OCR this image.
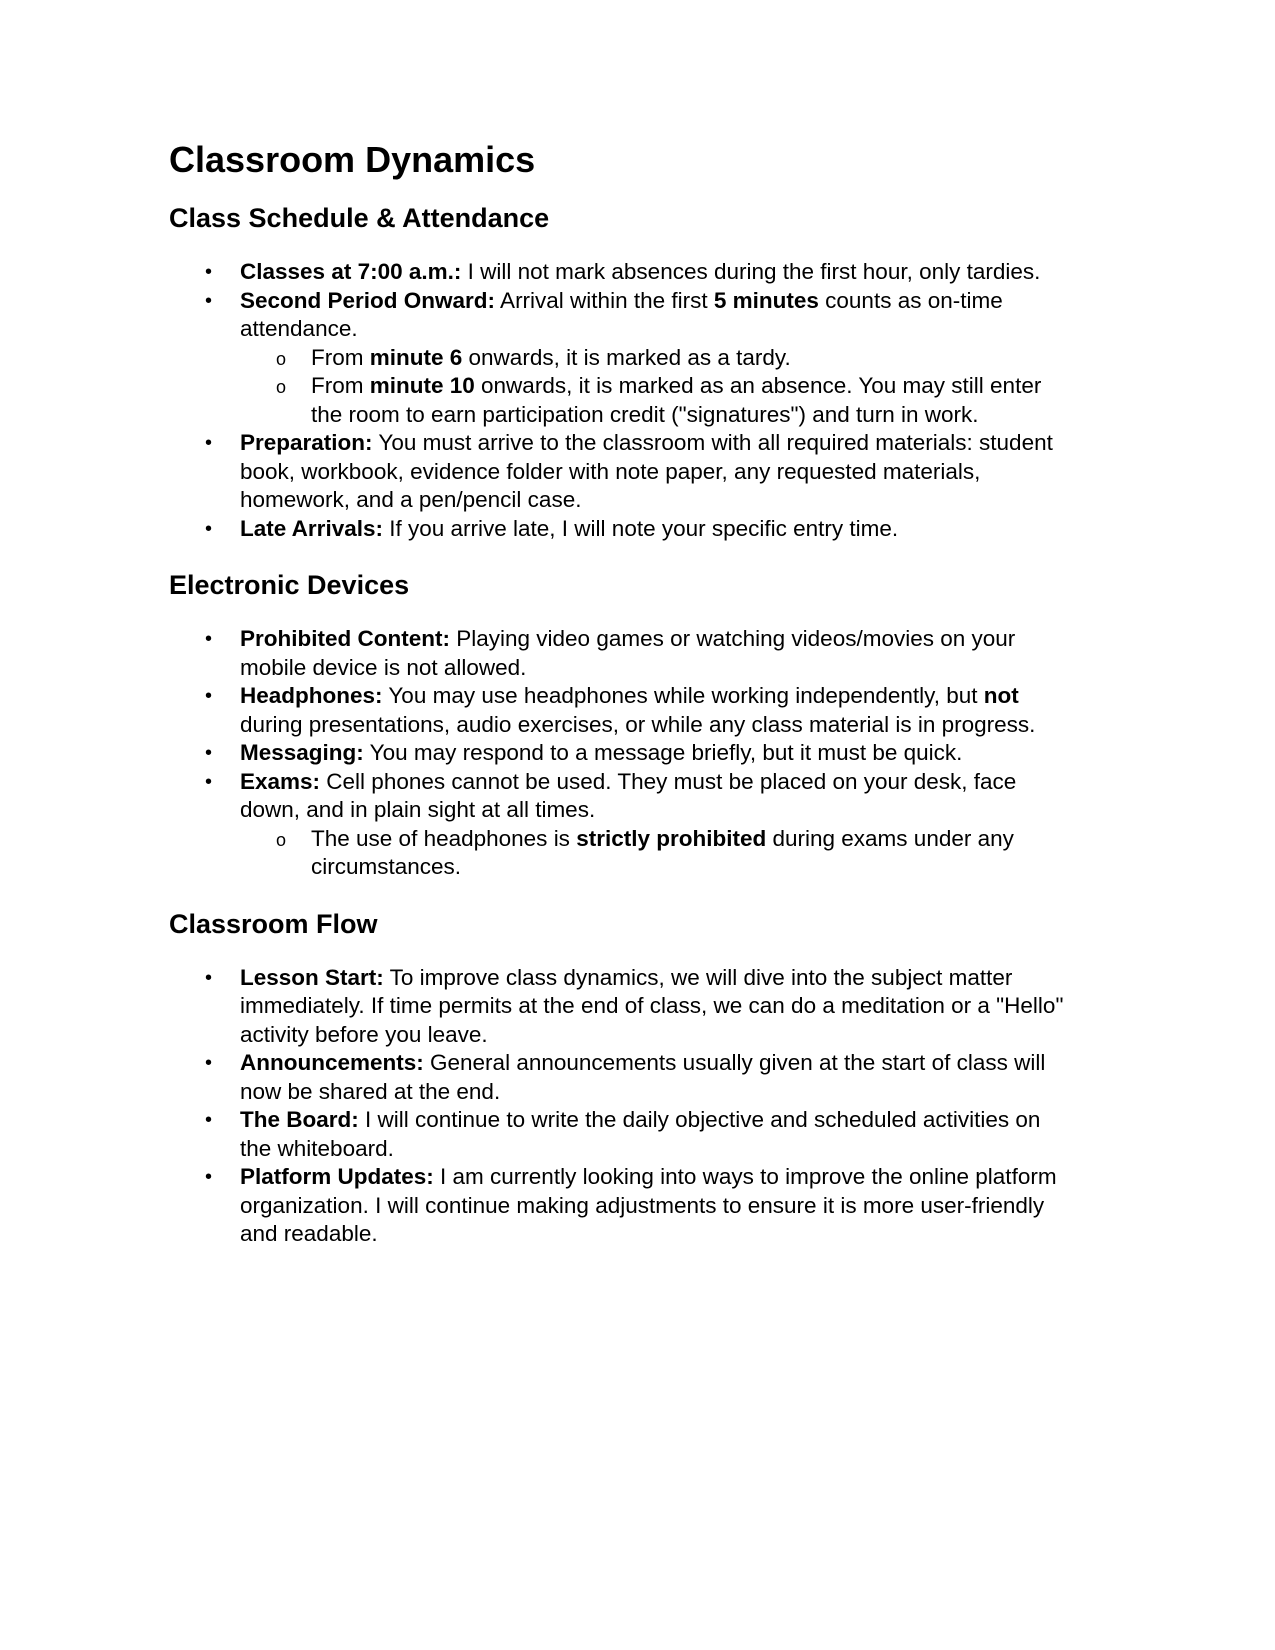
Classroom Dynamics
Class Schedule & Attendance
•	Classes at 7:00 a.m.: I will not mark absences during the first hour, only tardies.
•	Second Period Onward: Arrival within the first 5 minutes counts as on-time attendance.
o From minute 6 onwards, it is marked as a tardy.
o From minute 10 onwards, it is marked as an absence. You may still enter the room to earn participation credit ("signatures") and turn in work.
•	Preparation: You must arrive to the classroom with all required materials: student book, workbook, evidence folder with note paper, any requested materials, homework, and a pen/pencil case.
•	Late Arrivals: If you arrive late, I will note your specific entry time.
Electronic Devices
•	Prohibited Content: Playing video games or watching videos/movies on your mobile device is not allowed.
•	Headphones: You may use headphones while working independently, but not during presentations, audio exercises, or while any class material is in progress.
•	Messaging: You may respond to a message briefly, but it must be quick.
•	Exams: Cell phones cannot be used. They must be placed on your desk, face down, and in plain sight at all times.
o The use of headphones is strictly prohibited during exams under any circumstances.
Classroom Flow
•	Lesson Start: To improve class dynamics, we will dive into the subject matter immediately. If time permits at the end of class, we can do a meditation or a "Hello" activity before you leave.
•	Announcements: General announcements usually given at the start of class will now be shared at the end.
•	The Board: I will continue to write the daily objective and scheduled activities on the whiteboard.
•	Platform Updates: I am currently looking into ways to improve the online platform organization. I will continue making adjustments to ensure it is more user-friendly and readable.
